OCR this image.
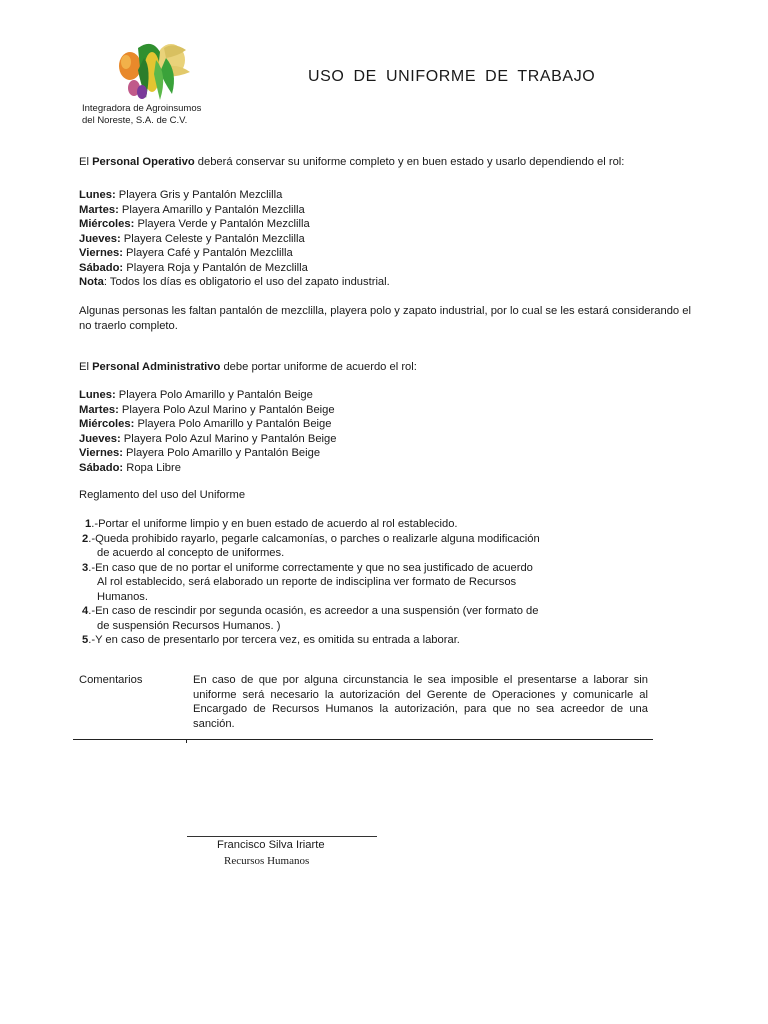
Integradora de Agroinsumos
del Noreste, S.A. de C.V.
USO DE UNIFORME DE TRABAJO
El Personal Operativo deberá conservar su uniforme completo y en buen estado y usarlo dependiendo el rol:
Lunes: Playera Gris y Pantalón Mezclilla
Martes: Playera Amarillo y Pantalón Mezclilla
Miércoles: Playera Verde y Pantalón Mezclilla
Jueves: Playera Celeste y Pantalón Mezclilla
Viernes: Playera Café y Pantalón Mezclilla
Sábado: Playera Roja y Pantalón de Mezclilla
Nota: Todos los días es obligatorio el uso del zapato industrial.
Algunas personas les faltan pantalón de mezclilla, playera polo y zapato industrial, por lo cual se les estará considerando el no traerlo completo.
El Personal Administrativo debe portar uniforme de acuerdo el rol:
Lunes: Playera Polo Amarillo y Pantalón Beige
Martes: Playera Polo Azul Marino y Pantalón Beige
Miércoles: Playera Polo Amarillo y Pantalón Beige
Jueves: Playera Polo Azul Marino y Pantalón Beige
Viernes: Playera Polo Amarillo y Pantalón Beige
Sábado: Ropa Libre
Reglamento del uso del Uniforme
1.-Portar el uniforme limpio y en buen estado de acuerdo al rol establecido.
2.-Queda prohibido rayarlo, pegarle calcamonías, o parches o realizarle alguna modificación
de acuerdo al concepto de uniformes.
3.-En caso que de no portar el uniforme correctamente y que no sea justificado de acuerdo
Al rol establecido, será elaborado un reporte de indisciplina ver formato de Recursos
Humanos.
4.-En caso de rescindir por segunda ocasión, es acreedor a una suspensión (ver formato de
de suspensión Recursos Humanos. )
5.-Y en caso de presentarlo por tercera vez, es omitida su entrada a laborar.
Comentarios	En caso de que por alguna circunstancia le sea imposible el presentarse a laborar sin uniforme será necesario la autorización del Gerente de Operaciones y comunicarle al Encargado de Recursos Humanos la autorización, para que no sea acreedor de una sanción.
Francisco Silva Iriarte
Recursos Humanos
